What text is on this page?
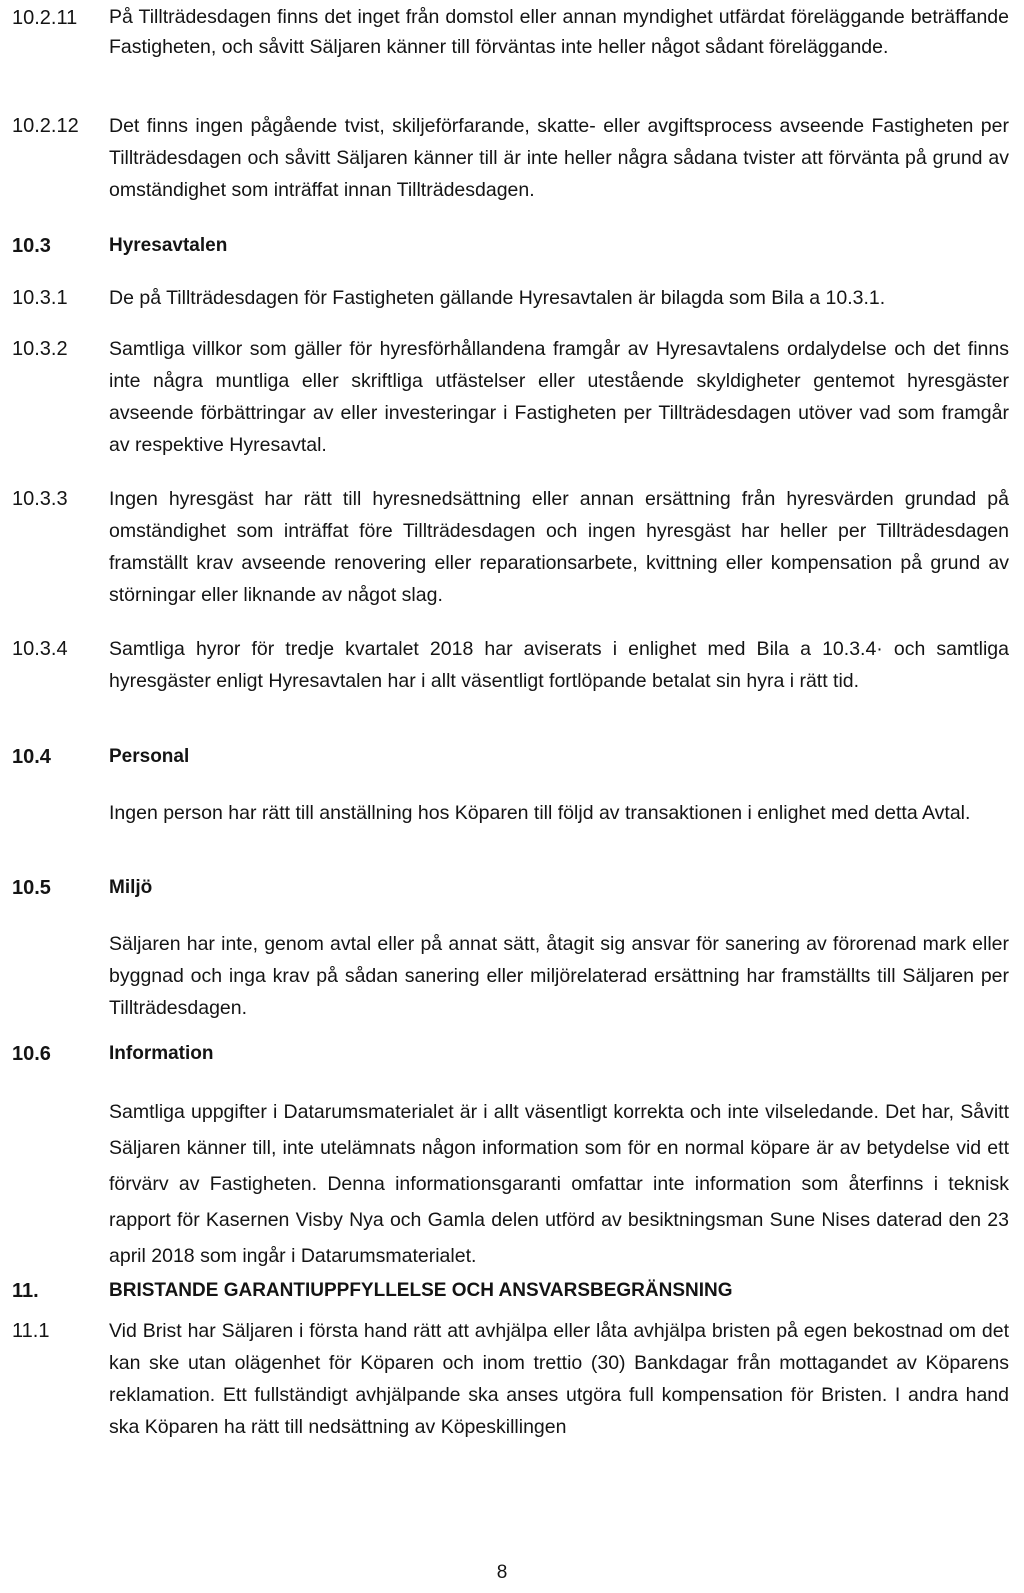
10.2.11 På Tillträdesdagen finns det inget från domstol eller annan myndighet utfärdat föreläggande beträffande Fastigheten, och såvitt Säljaren känner till förväntas inte heller något sådant föreläggande.
10.2.12 Det finns ingen pågående tvist, skiljeförfarande, skatte- eller avgiftsprocess avseende Fastigheten per Tillträdesdagen och såvitt Säljaren känner till är inte heller några sådana tvister att förvänta på grund av omständighet som inträffat innan Tillträdesdagen.
10.3	Hyresavtalen
10.3.1 De på Tillträdesdagen för Fastigheten gällande Hyresavtalen är bilagda som Bila a 10.3.1.
10.3.2 Samtliga villkor som gäller för hyresförhållandena framgår av Hyresavtalens ordalydelse och det finns inte några muntliga eller skriftliga utfästelser eller utestående skyldigheter gentemot hyresgäster avseende förbättringar av eller investeringar i Fastigheten per Tillträdesdagen utöver vad som framgår av respektive Hyresavtal.
10.3.3 Ingen hyresgäst har rätt till hyresnedsättning eller annan ersättning från hyresvärden grundad på omständighet som inträffat före Tillträdesdagen och ingen hyresgäst har heller per Tillträdesdagen framställt krav avseende renovering eller reparationsarbete, kvittning eller kompensation på grund av störningar eller liknande av något slag.
10.3.4 Samtliga hyror för tredje kvartalet 2018 har aviserats i enlighet med Bila a 10.3.4· och samtliga hyresgäster enligt Hyresavtalen har i allt väsentligt fortlöpande betalat sin hyra i rätt tid.
10.4	Personal
Ingen person har rätt till anställning hos Köparen till följd av transaktionen i enlighet med detta Avtal.
10.5	Miljö
Säljaren har inte, genom avtal eller på annat sätt, åtagit sig ansvar för sanering av förorenad mark eller byggnad och inga krav på sådan sanering eller miljörelaterad ersättning har framställts till Säljaren per Tillträdesdagen.
10.6	Information
Samtliga uppgifter i Datarumsmaterialet är i allt väsentligt korrekta och inte vilseledande. Det har, Såvitt Säljaren känner till, inte utelämnats någon information som för en normal köpare är av betydelse vid ett förvärv av Fastigheten. Denna informationsgaranti omfattar inte information som återfinns i teknisk rapport för Kasernen Visby Nya och Gamla delen utförd av besiktningsman Sune Nises daterad den 23 april 2018 som ingår i Datarumsmaterialet.
11.	BRISTANDE GARANTIUPPFYLLELSE OCH ANSVARSBEGRÄNSNING
11.1	Vid Brist har Säljaren i första hand rätt att avhjälpa eller låta avhjälpa bristen på egen bekostnad om det kan ske utan olägenhet för Köparen och inom trettio (30) Bankdagar från mottagandet av Köparens reklamation. Ett fullständigt avhjälpande ska anses utgöra full kompensation för Bristen. I andra hand ska Köparen ha rätt till nedsättning av Köpeskillingen
8
